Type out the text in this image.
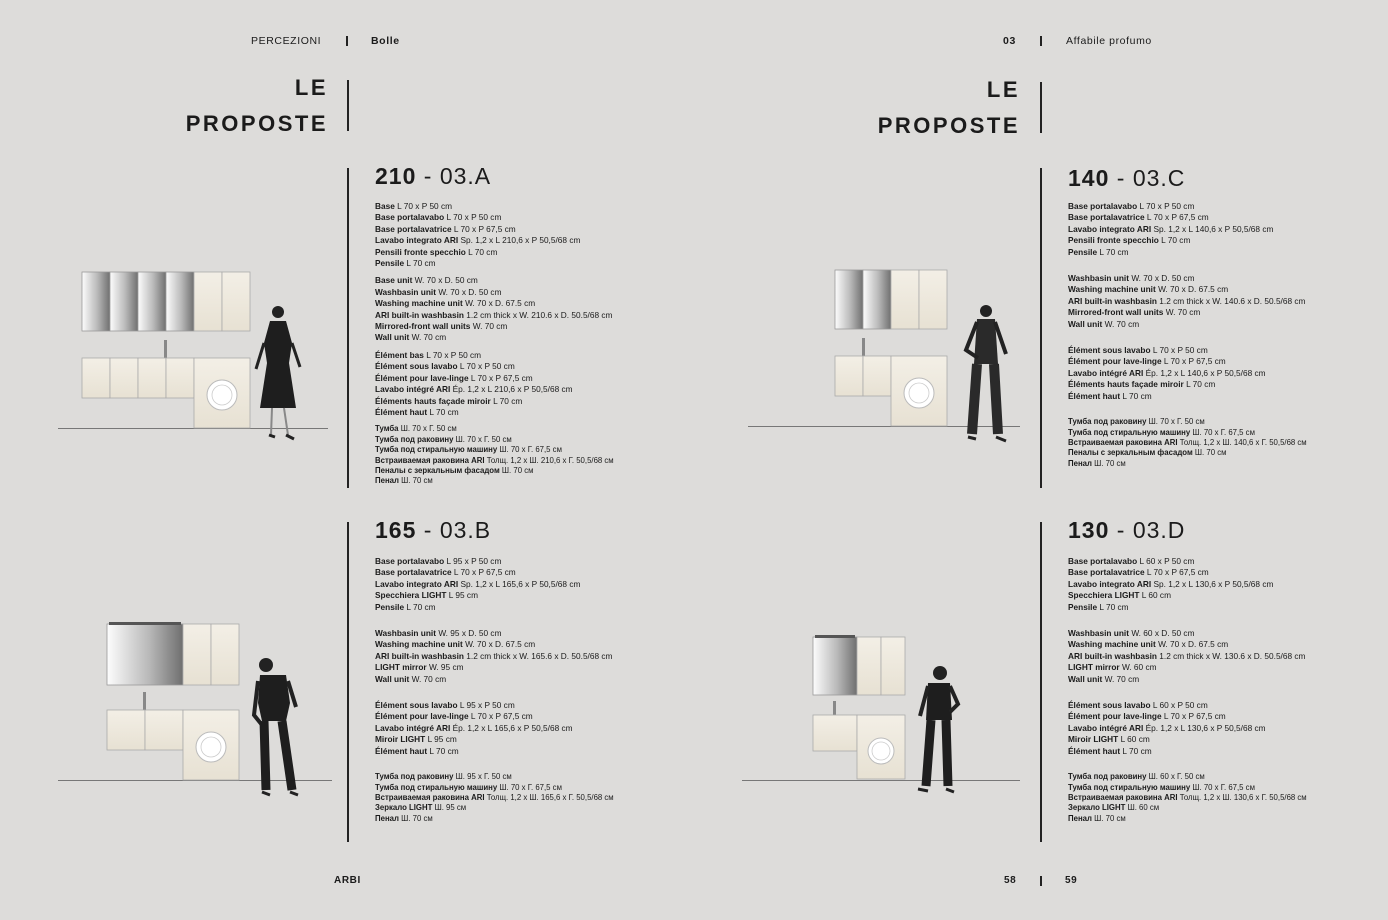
PERCEZIONI	Bolle	03	Affabile profumo
LE
PROPOSTE
LE
PROPOSTE
210 - 03.A
Base L 70 x P 50 cm
Base portalavabo L 70 x P 50 cm
Base portalavatrice L 70 x P 67,5 cm
Lavabo integrato ARI Sp. 1,2 x L 210,6 x P 50,5/68 cm
Pensili fronte specchio L 70 cm
Pensile L 70 cm
Base unit W. 70 x D. 50 cm
Washbasin unit W. 70 x D. 50 cm
Washing machine unit W. 70 x D. 67.5 cm
ARI built-in washbasin 1.2 cm thick x W. 210.6 x D. 50.5/68 cm
Mirrored-front wall units W. 70 cm
Wall unit W. 70 cm
Élément bas L 70 x P 50 cm
Élément sous lavabo L 70 x P 50 cm
Élément pour lave-linge L 70 x P 67,5 cm
Lavabo intégré ARI Ép. 1,2 x L 210,6 x P 50,5/68 cm
Éléments hauts façade miroir L 70 cm
Élément haut L 70 cm
Тумба Ш. 70 х Г. 50 см
Тумба под раковину Ш. 70 х Г. 50 см
Тумба под стиральную машину Ш. 70 х Г. 67,5 см
Встраиваемая раковина ARI Толщ. 1,2 х Ш. 210,6 х Г. 50,5/68 см
Пеналы с зеркальным фасадом Ш. 70 см
Пенал Ш. 70 см
165 - 03.B
Base portalavabo L 95 x P 50 cm
Base portalavatrice L 70 x P 67,5 cm
Lavabo integrato ARI Sp. 1,2 x L 165,6 x P 50,5/68 cm
Specchiera LIGHT L 95 cm
Pensile L 70 cm
Washbasin unit W. 95 x D. 50 cm
Washing machine unit W. 70 x D. 67.5 cm
ARI built-in washbasin 1.2 cm thick x W. 165.6 x D. 50.5/68 cm
LIGHT mirror W. 95 cm
Wall unit W. 70 cm
Élément sous lavabo L 95 x P 50 cm
Élément pour lave-linge L 70 x P 67,5 cm
Lavabo intégré ARI Ép. 1,2 x L 165,6 x P 50,5/68 cm
Miroir LIGHT L 95 cm
Élément haut L 70 cm
Тумба под раковину Ш. 95 х Г. 50 см
Тумба под стиральную машину Ш. 70 х Г. 67,5 см
Встраиваемая раковина ARI Толщ. 1,2 х Ш. 165,6 х Г. 50,5/68 см
Зеркало LIGHT Ш. 95 см
Пенал Ш. 70 см
140 - 03.C
Base portalavabo L 70 x P 50 cm
Base portalavatrice L 70 x P 67,5 cm
Lavabo integrato ARI Sp. 1,2 x L 140,6 x P 50,5/68 cm
Pensili fronte specchio L 70 cm
Pensile L 70 cm
Washbasin unit W. 70 x D. 50 cm
Washing machine unit W. 70 x D. 67.5 cm
ARI built-in washbasin 1.2 cm thick x W. 140.6 x D. 50.5/68 cm
Mirrored-front wall units W. 70 cm
Wall unit W. 70 cm
Élément sous lavabo L 70 x P 50 cm
Élément pour lave-linge L 70 x P 67,5 cm
Lavabo intégré ARI Ép. 1,2 x L 140,6 x P 50,5/68 cm
Éléments hauts façade miroir L 70 cm
Élément haut L 70 cm
Тумба под раковину Ш. 70 х Г. 50 см
Тумба под стиральную машину Ш. 70 х Г. 67,5 см
Встраиваемая раковина ARI Толщ. 1,2 х Ш. 140,6 х Г. 50,5/68 см
Пеналы с зеркальным фасадом Ш. 70 см
Пенал Ш. 70 см
130 - 03.D
Base portalavabo L 60 x P 50 cm
Base portalavatrice L 70 x P 67,5 cm
Lavabo integrato ARI Sp. 1,2 x L 130,6 x P 50,5/68 cm
Specchiera LIGHT L 60 cm
Pensile L 70 cm
Washbasin unit W. 60 x D. 50 cm
Washing machine unit W. 70 x D. 67.5 cm
ARI built-in washbasin 1.2 cm thick x W. 130.6 x D. 50.5/68 cm
LIGHT mirror W. 60 cm
Wall unit W. 70 cm
Élément sous lavabo L 60 x P 50 cm
Élément pour lave-linge L 70 x P 67,5 cm
Lavabo intégré ARI Ép. 1,2 x L 130,6 x P 50,5/68 cm
Miroir LIGHT L 60 cm
Élément haut L 70 cm
Тумба под раковину Ш. 60 х Г. 50 см
Тумба под стиральную машину Ш. 70 х Г. 67,5 см
Встраиваемая раковина ARI Толщ. 1,2 х Ш. 130,6 х Г. 50,5/68 см
Зеркало LIGHT Ш. 60 см
Пенал Ш. 70 см
ARBI	58	59
